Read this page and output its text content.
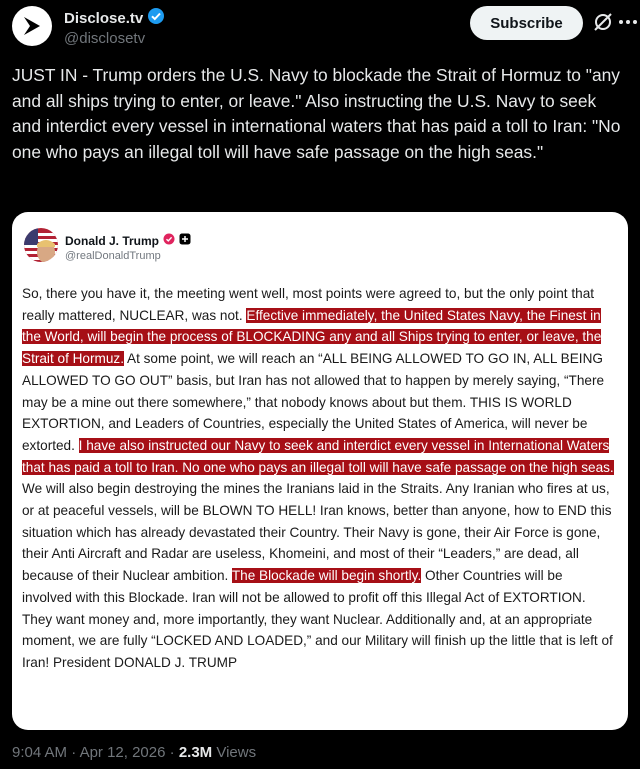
Disclose.tv
@disclosetv
Subscribe
JUST IN - Trump orders the U.S. Navy to blockade the Strait of Hormuz to "any and all ships trying to enter, or leave." Also instructing the U.S. Navy to seek and interdict every vessel in international waters that has paid a toll to Iran: "No one who pays an illegal toll will have safe passage on the high seas."
Donald J. Trump
@realDonaldTrump
So, there you have it, the meeting went well, most points were agreed to, but the only point that really mattered, NUCLEAR, was not. Effective immediately, the United States Navy, the Finest in the World, will begin the process of BLOCKADING any and all Ships trying to enter, or leave, the Strait of Hormuz. At some point, we will reach an “ALL BEING ALLOWED TO GO IN, ALL BEING ALLOWED TO GO OUT” basis, but Iran has not allowed that to happen by merely saying, “There may be a mine out there somewhere,” that nobody knows about but them. THIS IS WORLD EXTORTION, and Leaders of Countries, especially the United States of America, will never be extorted. I have also instructed our Navy to seek and interdict every vessel in International Waters that has paid a toll to Iran. No one who pays an illegal toll will have safe passage on the high seas. We will also begin destroying the mines the Iranians laid in the Straits. Any Iranian who fires at us, or at peaceful vessels, will be BLOWN TO HELL! Iran knows, better than anyone, how to END this situation which has already devastated their Country. Their Navy is gone, their Air Force is gone, their Anti Aircraft and Radar are useless, Khomeini, and most of their “Leaders,” are dead, all because of their Nuclear ambition. The Blockade will begin shortly. Other Countries will be involved with this Blockade. Iran will not be allowed to profit off this Illegal Act of EXTORTION. They want money and, more importantly, they want Nuclear. Additionally and, at an appropriate moment, we are fully “LOCKED AND LOADED,” and our Military will finish up the little that is left of Iran! President DONALD J. TRUMP
9:04 AM · Apr 12, 2026 · 2.3M Views
